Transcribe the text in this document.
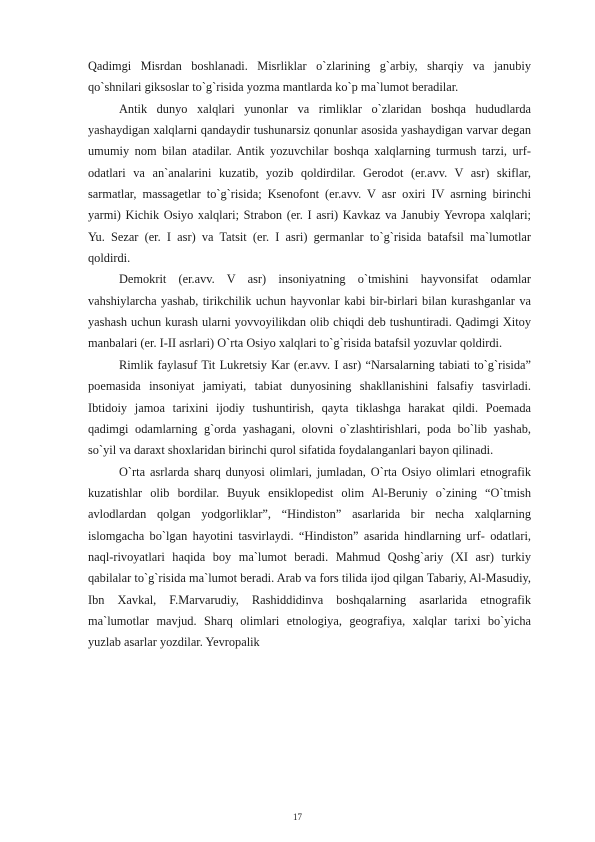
Qadimgi Misrdan boshlanadi. Misrliklar o`zlarining g`arbiy, sharqiy va janubiy qo`shnilari giksoslar to`g`risida yozma mantlarda ko`p ma`lumot beradilar.

Antik dunyo xalqlari yunonlar va rimliklar o`zlaridan boshqa hududlarda yashaydigan xalqlarni qandaydir tushunarsiz qonunlar asosida yashaydigan varvar degan umumiy nom bilan atadilar. Antik yozuvchilar boshqa xalqlarning turmush tarzi, urf-odatlari va an`analarini kuzatib, yozib qoldirdilar. Gerodot (er.avv. V asr) skiflar, sarmatlar, massagetlar to`g`risida; Ksenofont (er.avv. V asr oxiri IV asrning birinchi yarmi) Kichik Osiyo xalqlari; Strabon (er. I asri) Kavkaz va Janubiy Yevropa xalqlari; Yu. Sezar (er. I asr) va Tatsit (er. I asri) germanlar to`g`risida batafsil ma`lumotlar qoldirdi.

Demokrit (er.avv. V asr) insoniyatning o`tmishini hayvonsifat odamlar vahshiylarcha yashab, tirikchilik uchun hayvonlar kabi bir-birlari bilan kurashganlar va yashash uchun kurash ularni yovvoyilikdan olib chiqdi deb tushuntiradi. Qadimgi Xitoy manbalari (er. I-II asrlari) O`rta Osiyo xalqlari to`g`risida batafsil yozuvlar qoldirdi.

Rimlik faylasuf Tit Lukretsiy Kar (er.avv. I asr) “Narsalarning tabiati to`g`risida” poemasida insoniyat jamiyati, tabiat dunyosining shakllanishini falsafiy tasvirladi. Ibtidoiy jamoa tarixini ijodiy tushuntirish, qayta tiklashga harakat qildi. Poemada qadimgi odamlarning g`orda yashagani, olovni o`zlashtirishlari, poda bo`lib yashab, so`yil va daraxt shoxlaridan birinchi qurol sifatida foydalanganlari bayon qilinadi.

O`rta asrlarda sharq dunyosi olimlari, jumladan, O`rta Osiyo olimlari etnografik kuzatishlar olib bordilar. Buyuk ensiklopedist olim Al-Beruniy o`zining “O`tmish avlodlardan qolgan yodgorliklar”, “Hindiston” asarlarida bir necha xalqlarning islomgacha bo`lgan hayotini tasvirlaydi. “Hindiston” asarida hindlarning urf- odatlari, naql-rivoyatlari haqida boy ma`lumot beradi. Mahmud Qoshg`ariy (XI asr) turkiy qabilalar to`g`risida ma`lumot beradi. Arab va fors tilida ijod qilgan Tabariy, Al-Masudiy, Ibn Xavkal, F.Marvarudiy, Rashiddidinva boshqalarning asarlarida etnografik ma`lumotlar mavjud. Sharq olimlari etnologiya, geografiya, xalqlar tarixi bo`yicha yuzlab asarlar yozdilar. Yevropalik

17
